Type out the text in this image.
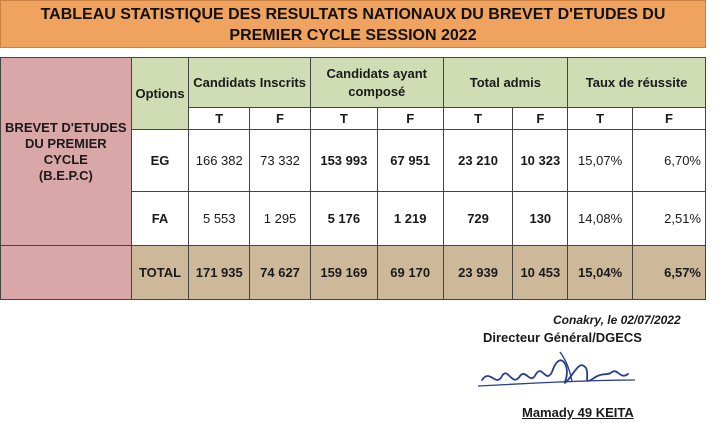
TABLEAU STATISTIQUE DES RESULTATS NATIONAUX DU BREVET D'ETUDES DU
PREMIER CYCLE SESSION 2022
BREVET D'ETUDES DU PREMIER CYCLE
(B.E.P.C)	Options	Candidats Inscrits		Candidats ayant composé		Total admis		Taux de réussite	
		T	F	T	F	T	F	T	F
	EG	166 382	73 332	153 993	67 951	23 210	10 323	15,07%	6,70%
	FA	5 553	1 295	5 176	1 219	729	130	14,08%	2,51%
	TOTAL	171 935	74 627	159 169	69 170	23 939	10 453	15,04%	6,57%
Conakry, le 02/07/2022
Directeur Général/DGECS
Mamady 49 KEITA
